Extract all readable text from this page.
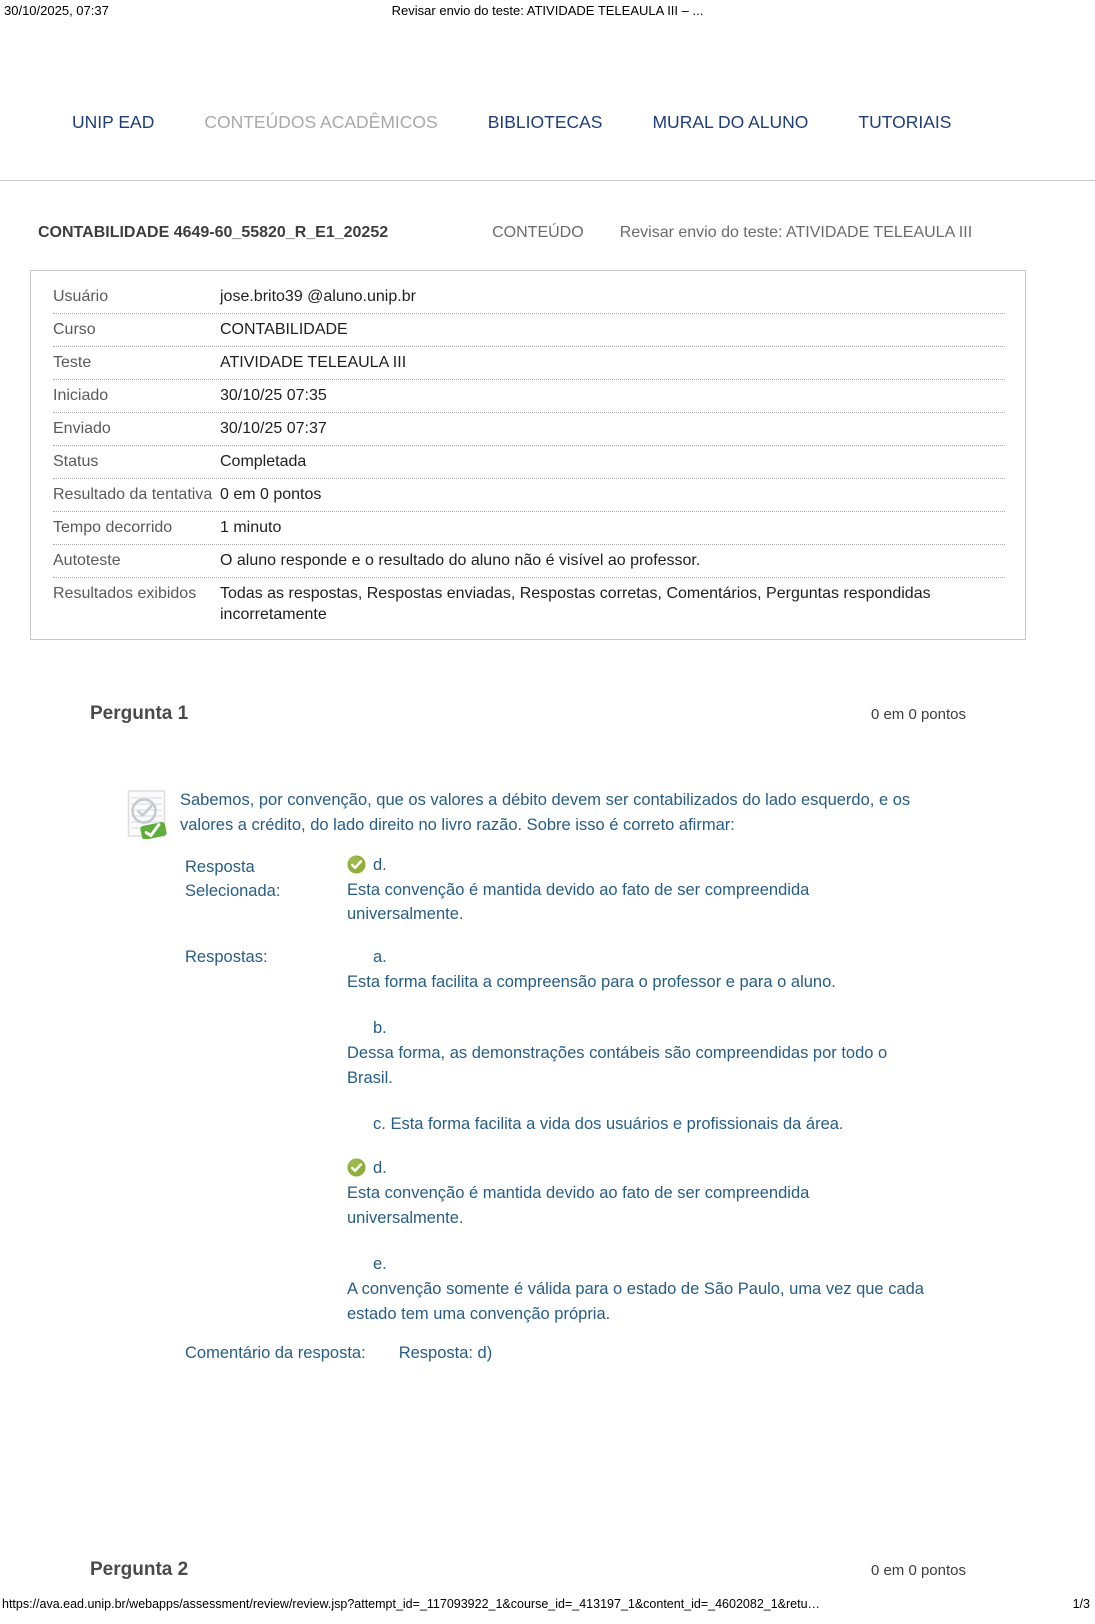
30/10/2025, 07:37	Revisar envio do teste: ATIVIDADE TELEAULA III – ...
UNIP EAD	CONTEÚDOS ACADÊMICOS	BIBLIOTECAS	MURAL DO ALUNO	TUTORIAIS
CONTABILIDADE 4649-60_55820_R_E1_20252	CONTEÚDO Revisar envio do teste: ATIVIDADE TELEAULA III
Usuário	jose.brito39 @aluno.unip.br
Curso	CONTABILIDADE
Teste	ATIVIDADE TELEAULA III
Iniciado	30/10/25 07:35
Enviado	30/10/25 07:37
Status	Completada
Resultado da tentativa 0 em 0 pontos
Tempo decorrido	1 minuto
Autoteste	O aluno responde e o resultado do aluno não é visível ao professor.
Resultados exibidos	Todas as respostas, Respostas enviadas, Respostas corretas, Comentários, Perguntas respondidas incorretamente
Pergunta 1	0 em 0 pontos
Sabemos, por convenção, que os valores a débito devem ser contabilizados do lado esquerdo, e os valores a crédito, do lado direito no livro razão. Sobre isso é correto afirmar:
Resposta Selecionada:
d.
Esta convenção é mantida devido ao fato de ser compreendida universalmente.
Respostas:	a.
Esta forma facilita a compreensão para o professor e para o aluno.
b.
Dessa forma, as demonstrações contábeis são compreendidas por todo o Brasil.
c. Esta forma facilita a vida dos usuários e profissionais da área.
d.
Esta convenção é mantida devido ao fato de ser compreendida universalmente.
e.
A convenção somente é válida para o estado de São Paulo, uma vez que cada estado tem uma convenção própria.
Comentário da resposta: Resposta: d)
Pergunta 2	0 em 0 pontos
https://ava.ead.unip.br/webapps/assessment/review/review.jsp?attempt_id=_117093922_1&course_id=_413197_1&content_id=_4602082_1&retu…	1/3
